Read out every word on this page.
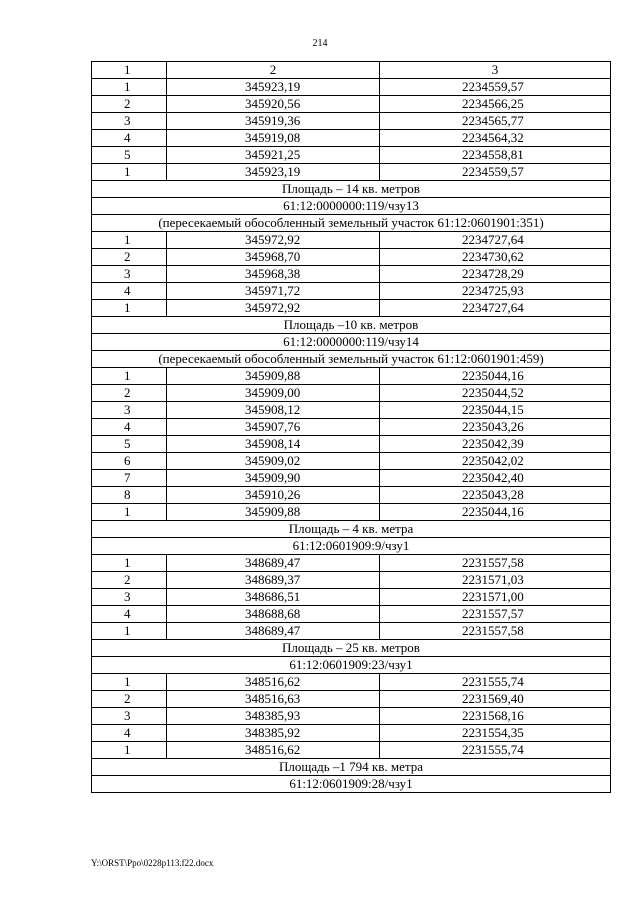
214
1	2	3
1	345923,19	2234559,57
2	345920,56	2234566,25
3	345919,36	2234565,77
4	345919,08	2234564,32
5	345921,25	2234558,81
1	345923,19	2234559,57
Площадь – 14 кв. метров		
61:12:0000000:119/чзу13		
(пересекаемый обособленный земельный участок 61:12:0601901:351)		
1	345972,92	2234727,64
2	345968,70	2234730,62
3	345968,38	2234728,29
4	345971,72	2234725,93
1	345972,92	2234727,64
Площадь –10 кв. метров		
61:12:0000000:119/чзу14		
(пересекаемый обособленный земельный участок 61:12:0601901:459)		
1	345909,88	2235044,16
2	345909,00	2235044,52
3	345908,12	2235044,15
4	345907,76	2235043,26
5	345908,14	2235042,39
6	345909,02	2235042,02
7	345909,90	2235042,40
8	345910,26	2235043,28
1	345909,88	2235044,16
Площадь – 4 кв. метра		
61:12:0601909:9/чзу1		
1	348689,47	2231557,58
2	348689,37	2231571,03
3	348686,51	2231571,00
4	348688,68	2231557,57
1	348689,47	2231557,58
Площадь – 25 кв. метров		
61:12:0601909:23/чзу1		
1	348516,62	2231555,74
2	348516,63	2231569,40
3	348385,93	2231568,16
4	348385,92	2231554,35
1	348516,62	2231555,74
Площадь –1 794 кв. метра		
61:12:0601909:28/чзу1		
Y:\ORST\Ppo\0228p113.f22.docx
